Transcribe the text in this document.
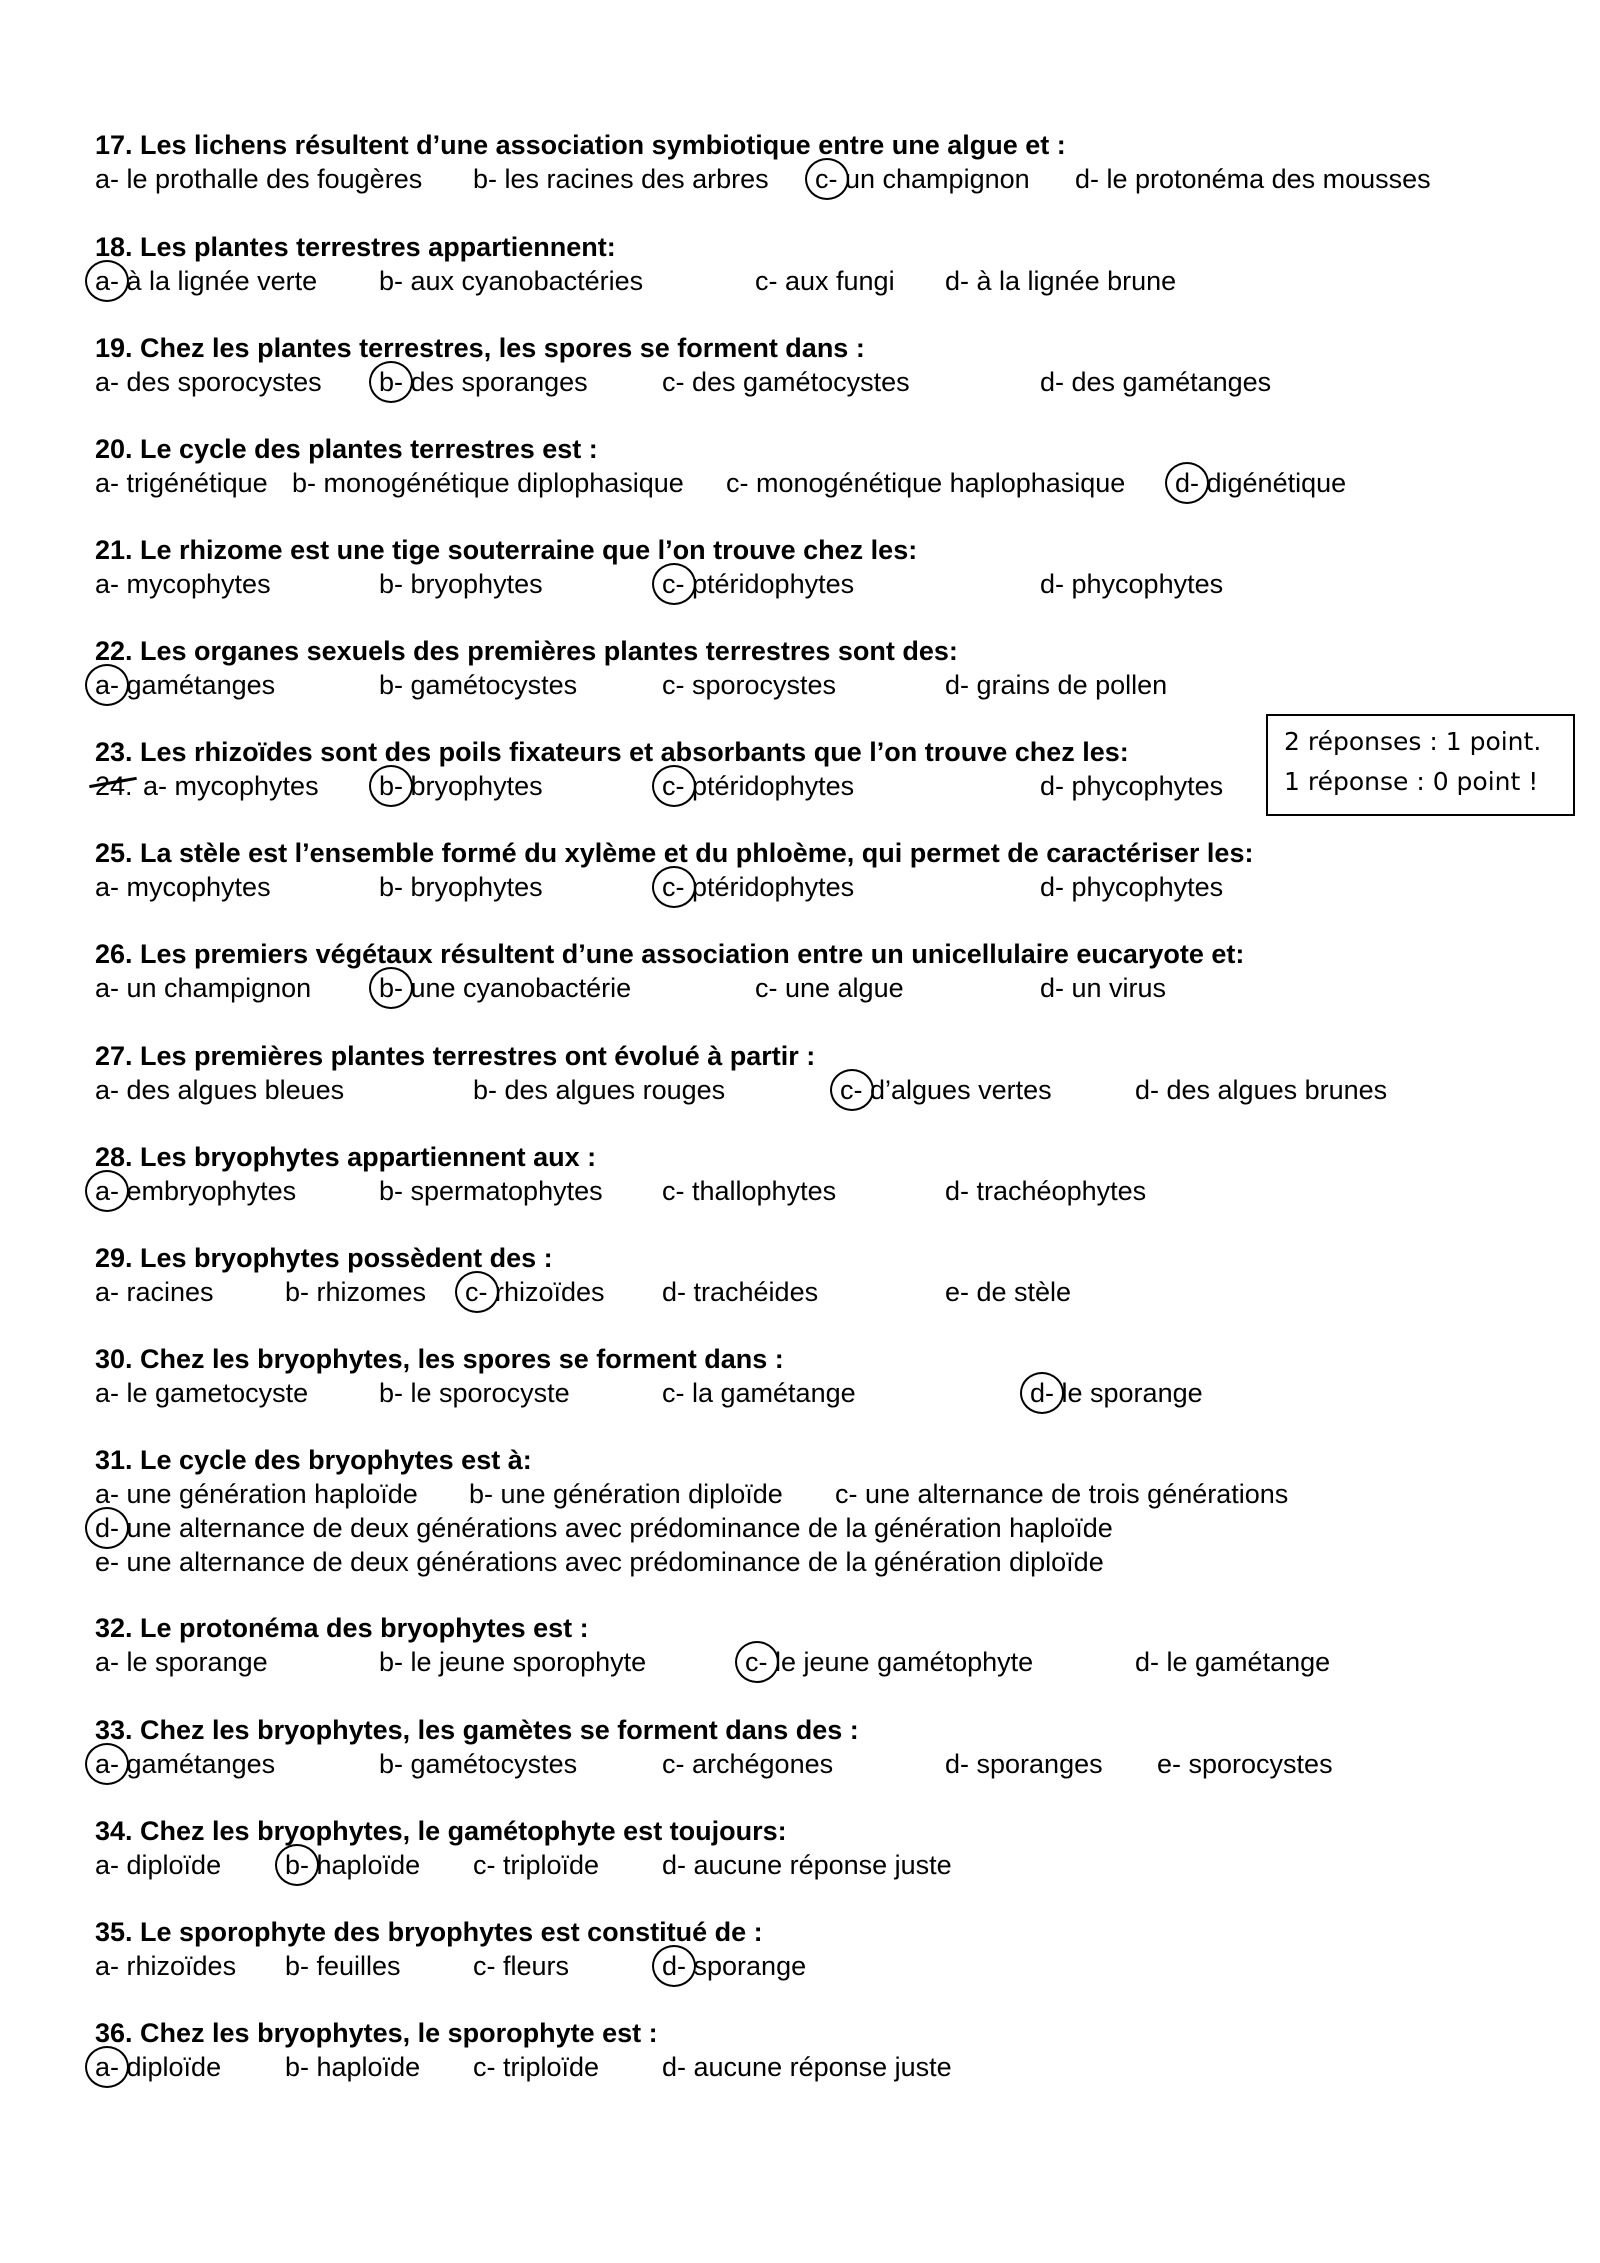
17. Les lichens résultent d’une association symbiotique entre une algue et :
a- le prothalle des fougères b- les racines des arbres c- un champignon d- le protonéma des mousses
18. Les plantes terrestres appartiennent:
a- à la lignée verte b- aux cyanobactéries	c- aux fungi d- à la lignée brune
19. Chez les plantes terrestres, les spores se forment dans :
a- des sporocystes b- des sporanges	c- des gamétocystes	d- des gamétanges
20. Le cycle des plantes terrestres est :
a- trigénétique b- monogénétique diplophasique c- monogénétique haplophasique d- digénétique
21. Le rhizome est une tige souterraine que l’on trouve chez les:
a- mycophytes	b- bryophytes	c- ptéridophytes	d- phycophytes
22. Les organes sexuels des premières plantes terrestres sont des:
a- gamétanges	b- gamétocystes	c- sporocystes	d- grains de pollen
23. Les rhizoïdes sont des poils fixateurs et absorbants que l’on trouve chez les:
24. a- mycophytes b- bryophytes	c- ptéridophytes	d- phycophytes
25. La stèle est l’ensemble formé du xylème et du phloème, qui permet de caractériser les:
a- mycophytes	b- bryophytes	c- ptéridophytes	d- phycophytes
26. Les premiers végétaux résultent d’une association entre un unicellulaire eucaryote et:
a- un champignon	b- une cyanobactérie	c- une algue	d- un virus
27. Les premières plantes terrestres ont évolué à partir :
a- des algues bleues	b- des algues rouges	c- d’algues vertes	d- des algues brunes
28. Les bryophytes appartiennent aux :
a- embryophytes	b- spermatophytes c- thallophytes	d- trachéophytes
29. Les bryophytes possèdent des :
a- racines	b- rhizomes c- rhizoïdes d- trachéides	e- de stèle
30. Chez les bryophytes, les spores se forment dans :
a- le gametocyste	b- le sporocyste	c- la gamétange	d- le sporange
31. Le cycle des bryophytes est à:
a- une génération haploïde b- une génération diploïde c- une alternance de trois générations
d- une alternance de deux générations avec prédominance de la génération haploïde
e- une alternance de deux générations avec prédominance de la génération diploïde
32. Le protonéma des bryophytes est :
a- le sporange	b- le jeune sporophyte	c- le jeune gamétophyte	d- le gamétange
33. Chez les bryophytes, les gamètes se forment dans des :
a- gamétanges	b- gamétocystes	c- archégones	d- sporanges e- sporocystes
34. Chez les bryophytes, le gamétophyte est toujours:
a- diploïde b- haploïde c- triploïde d- aucune réponse juste
35. Le sporophyte des bryophytes est constitué de :
a- rhizoïdes b- feuilles	c- fleurs	d- sporange
36. Chez les bryophytes, le sporophyte est :
a- diploïde b- haploïde c- triploïde d- aucune réponse juste
2 réponses : 1 point.
1 réponse : 0 point !
